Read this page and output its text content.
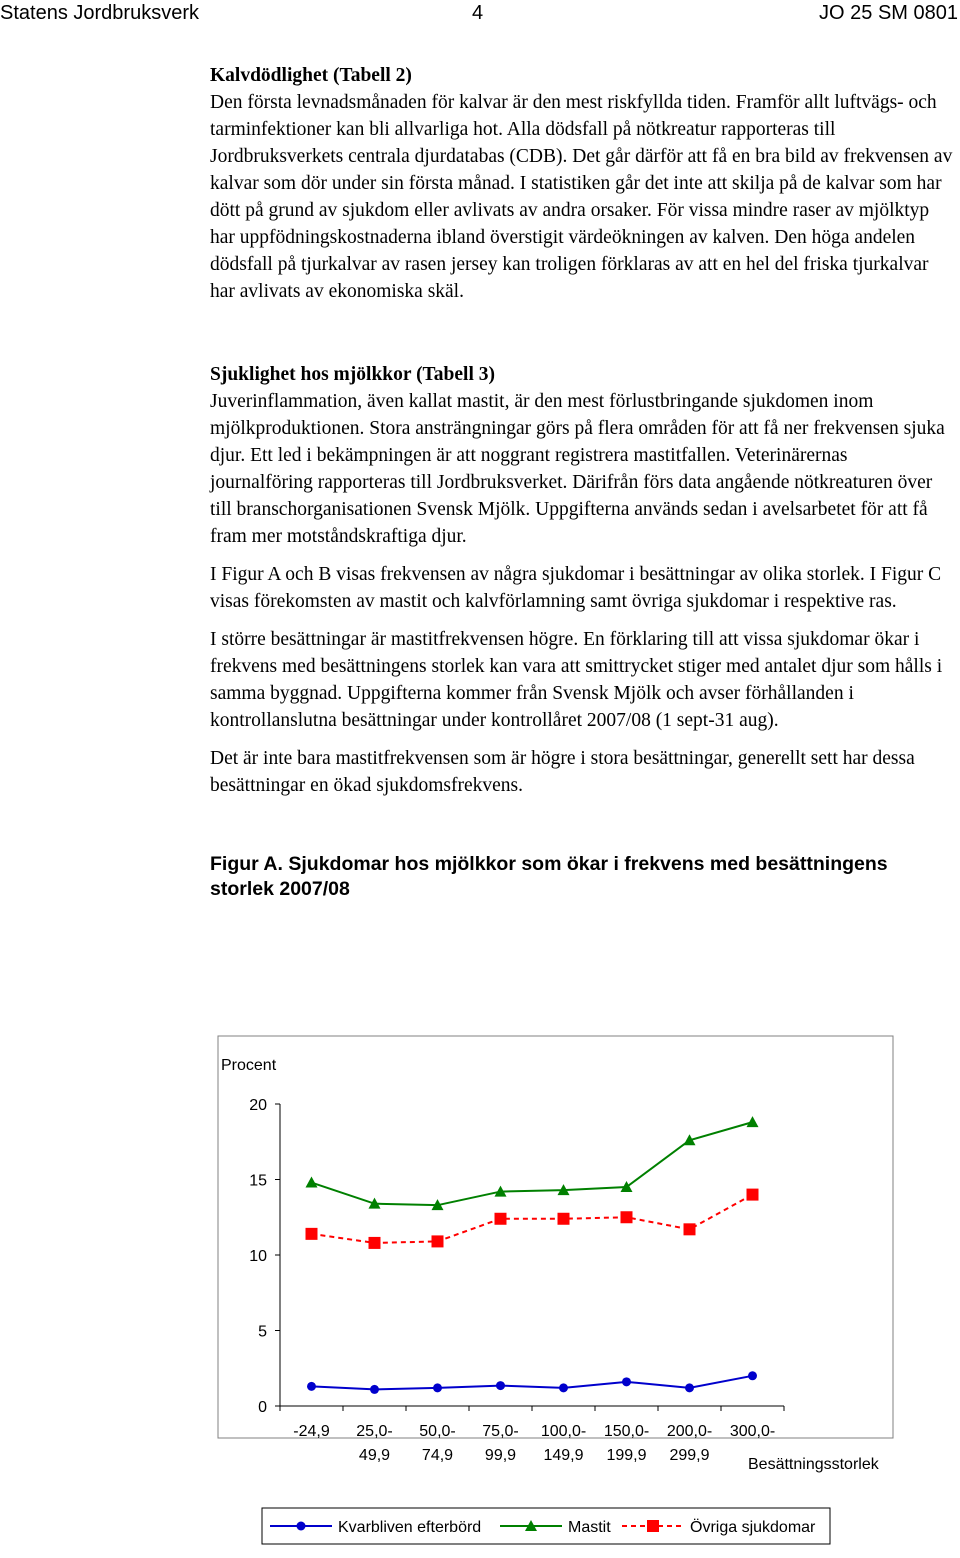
Statens Jordbruksverk	4	JO 25 SM 0801

Kalvdödlighet (Tabell 2)

Den första levnadsmånaden för kalvar är den mest riskfyllda tiden. Framför allt luftvägs- och tarminfektioner kan bli allvarliga hot. Alla dödsfall på nötkreatur rapporteras till Jordbruksverkets centrala djurdatabas (CDB). Det går därför att få en bra bild av frekvensen av kalvar som dör under sin första månad. I statistiken går det inte att skilja på de kalvar som har dött på grund av sjukdom eller avlivats av andra orsaker. För vissa mindre raser av mjölktyp har uppfödningskostnaderna ibland överstigit värdeökningen av kalven. Den höga andelen dödsfall på tjurkalvar av rasen jersey kan troligen förklaras av att en hel del friska tjurkalvar har avlivats av ekonomiska skäl.

Sjuklighet hos mjölkkor (Tabell 3)

Juverinflammation, även kallat mastit, är den mest förlustbringande sjukdomen inom mjölkproduktionen. Stora ansträngningar görs på flera områden för att få ner frekvensen sjuka djur. Ett led i bekämpningen är att noggrant registrera mastitfallen. Veterinärernas journalföring rapporteras till Jordbruksverket. Därifrån förs data angående nötkreaturen över till branschorganisationen Svensk Mjölk. Uppgifterna används sedan i avelsarbetet för att få fram mer motståndskraftiga djur.

I Figur A och B visas frekvensen av några sjukdomar i besättningar av olika storlek. I Figur C visas förekomsten av mastit och kalvförlamning samt övriga sjukdomar i respektive ras.

I större besättningar är mastitfrekvensen högre. En förklaring till att vissa sjukdomar ökar i frekvens med besättningens storlek kan vara att smittrycket stiger med antalet djur som hålls i samma byggnad. Uppgifterna kommer från Svensk Mjölk och avser förhållanden i kontrollanslutna besättningar under kontrollåret 2007/08 (1 sept-31 aug).

Det är inte bara mastitfrekvensen som är högre i stora besättningar, generellt sett har dessa besättningar en ökad sjukdomsfrekvens.

Figur A. Sjukdomar hos mjölkkor som ökar i frekvens med besättningens storlek 2007/08

Procent
Besättningsstorlek
0
5
10
15
20
-24,9 25,0-49,9
50,0-74,9
75,0-99,9
100,0-149,9
150,0-199,9
200,0-299,9
300,0-
Kvarbliven efterbörd	Mastit	Övriga sjukdomar
